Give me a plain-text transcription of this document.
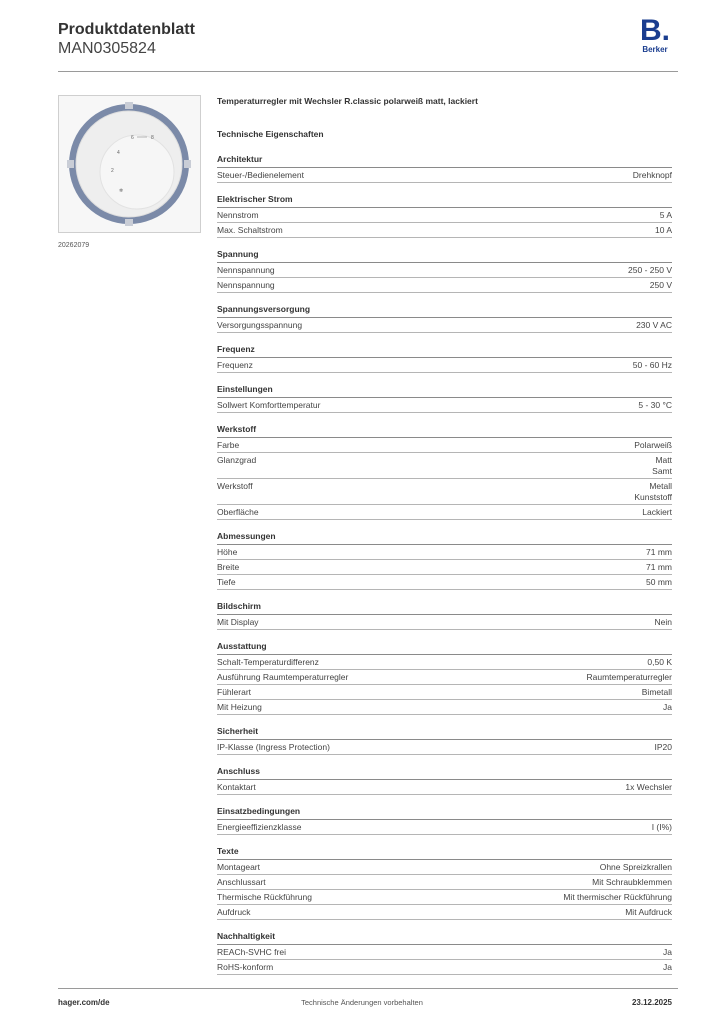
Produktdatenblatt
MAN0305824
B.
Berker
6	8
4
2
❄
20262079
Temperaturregler mit Wechsler R.classic polarweiß matt, lackiert
Technische Eigenschaften
Architektur
Steuer-/Bedienelement	Drehknopf
Elektrischer Strom
Nennstrom	5 A
Max. Schaltstrom	10 A
Spannung
Nennspannung	250 - 250 V
Nennspannung	250 V
Spannungsversorgung
Versorgungsspannung	230 V AC
Frequenz
Frequenz	50 - 60 Hz
Einstellungen
Sollwert Komforttemperatur	5 - 30 °C
Werkstoff
Farbe	Polarweiß
Glanzgrad	Matt
Samt
Werkstoff	Metall
Kunststoff
Oberfläche	Lackiert
Abmessungen
Höhe	71 mm
Breite	71 mm
Tiefe	50 mm
Bildschirm
Mit Display	Nein
Ausstattung
Schalt-Temperaturdifferenz	0,50 K
Ausführung Raumtemperaturregler	Raumtemperaturregler
Fühlerart	Bimetall
Mit Heizung	Ja
Sicherheit
IP-Klasse (Ingress Protection)	IP20
Anschluss
Kontaktart	1x Wechsler
Einsatzbedingungen
Energieeffizienzklasse	I (I%)
Texte
Montageart	Ohne Spreizkrallen
Anschlussart	Mit Schraubklemmen
Thermische Rückführung	Mit thermischer Rückführung
Aufdruck	Mit Aufdruck
Nachhaltigkeit
REACh-SVHC frei	Ja
RoHS-konform	Ja
hager.com/de	Technische Änderungen vorbehalten	23.12.2025
